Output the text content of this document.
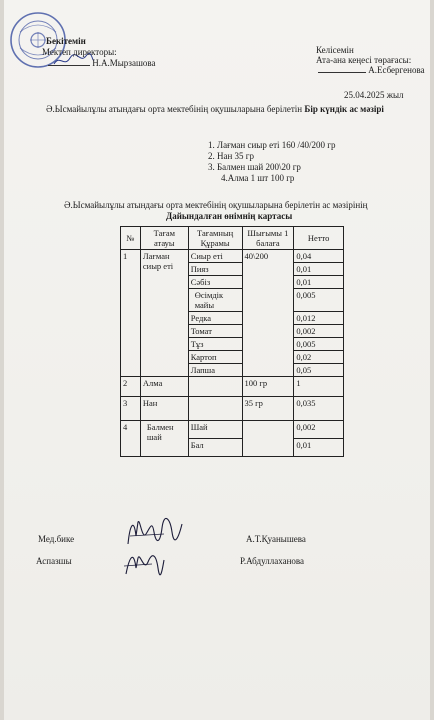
Бекітемін
Мектеп директоры:
Н.А.Мырзашова
Келісемін
Ата-ана кеңесі төрағасы:
А.Есбергенова
25.04.2025 жыл
Ә.Ысмайылұлы атындағы орта мектебінің оқушыларына берілетін Бір күндік ас мәзірі
1. Лағман сиыр еті 160 /40/200 гр
2. Нан 35 гр
3. Балмен шай 200\20 гр
4.Алма 1 шт 100 гр
Ә.Ысмайылұлы атындағы орта мектебінің оқушыларына берілетін ас мәзірінің
Дайындалған өнімнің картасы
№	Тағам атауы	Тағамның Құрамы	Шығымы 1 балаға	Нетто
1	Лағман сиыр еті	Сиыр еті	40\200	0,04
		Пияз		0,01
		Сәбіз		0,01
		Өсімдік майы		0,005
		Редка		0,012
		Томат		0,002
		Тұз		0,005
		Картоп		0,02
		Лапша		0,05
2	Алма		100 гр	1
3	Нан		35 гр	0,035
4	Балмен шай	Шай		0,002
		Бал		0,01
Мед.бике	А.Т.Қуанышева
Аспазшы	Р.Абдуллаханова
